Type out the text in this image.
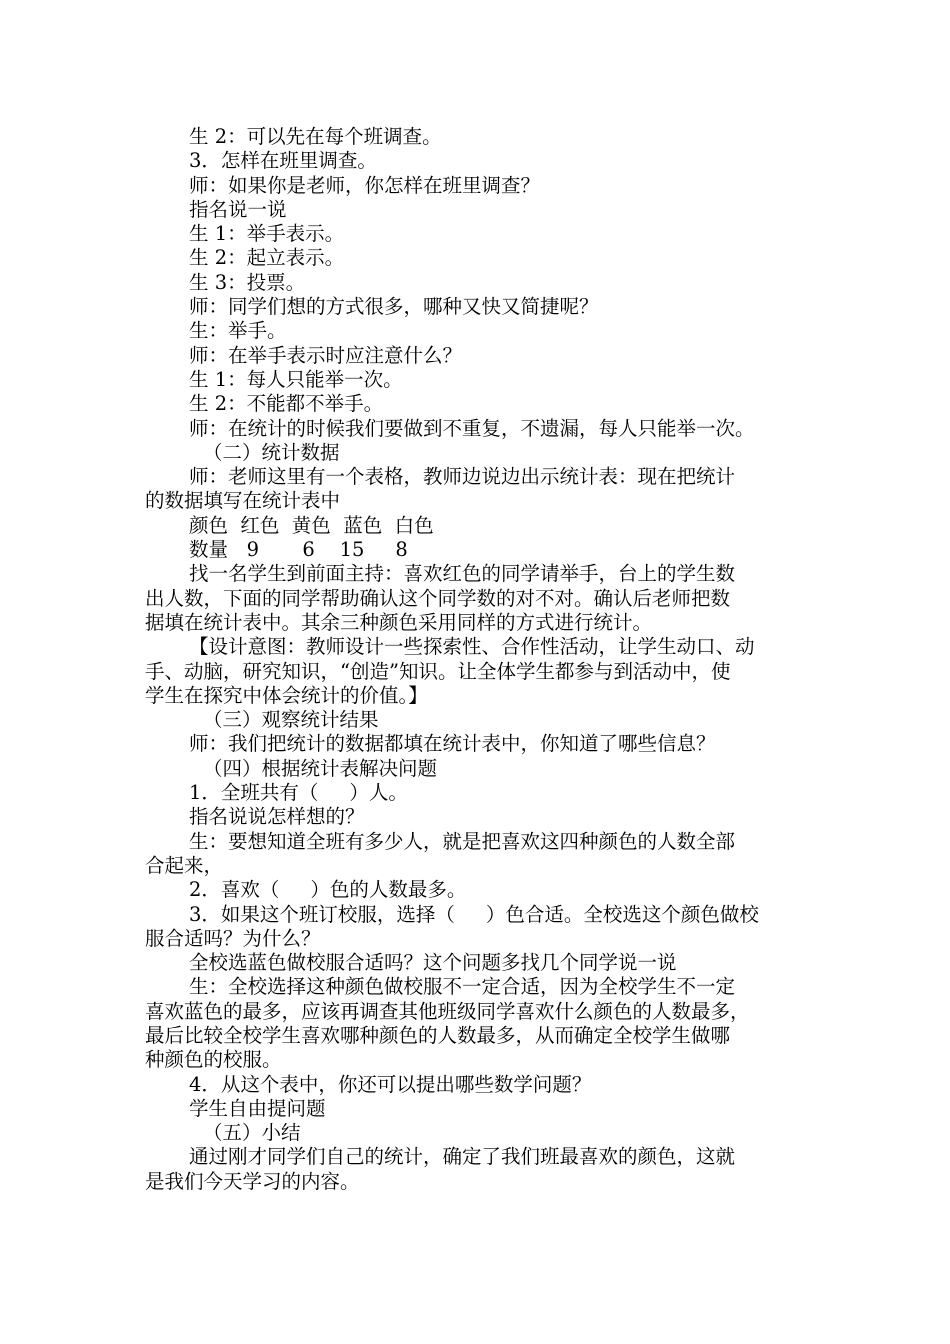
生 2：可以先在每个班调查。
3．怎样在班里调查。
师：如果你是老师，你怎样在班里调查？
指名说一说
生 1：举手表示。
生 2：起立表示。
生 3：投票。
师：同学们想的方式很多，哪种又快又简捷呢？
生：举手。
师：在举手表示时应注意什么？
生 1：每人只能举一次。
生 2：不能都不举手。
师：在统计的时候我们要做到不重复，不遗漏，每人只能举一次。
（二）统计数据
师：老师这里有一个表格，教师边说边出示统计表：现在把统计
的数据填写在统计表中
颜色  红色  黄色  蓝色  白色
数量   9       6    15     8
找一名学生到前面主持：喜欢红色的同学请举手，台上的学生数
出人数，下面的同学帮助确认这个同学数的对不对。确认后老师把数
据填在统计表中。其余三种颜色采用同样的方式进行统计。
【设计意图：教师设计一些探索性、合作性活动，让学生动口、动
手、动脑，研究知识，“创造”知识。让全体学生都参与到活动中，使
学生在探究中体会统计的价值。】
（三）观察统计结果
师：我们把统计的数据都填在统计表中，你知道了哪些信息？
（四）根据统计表解决问题
1．全班共有（     ）人。
指名说说怎样想的？
生：要想知道全班有多少人，就是把喜欢这四种颜色的人数全部
合起来，
2．喜欢（     ）色的人数最多。
3．如果这个班订校服，选择（     ）色合适。全校选这个颜色做校
服合适吗？为什么？
全校选蓝色做校服合适吗？这个问题多找几个同学说一说
生：全校选择这种颜色做校服不一定合适，因为全校学生不一定
喜欢蓝色的最多，应该再调查其他班级同学喜欢什么颜色的人数最多，
最后比较全校学生喜欢哪种颜色的人数最多，从而确定全校学生做哪
种颜色的校服。
4．从这个表中，你还可以提出哪些数学问题？
学生自由提问题
（五）小结
通过刚才同学们自己的统计，确定了我们班最喜欢的颜色，这就
是我们今天学习的内容。
